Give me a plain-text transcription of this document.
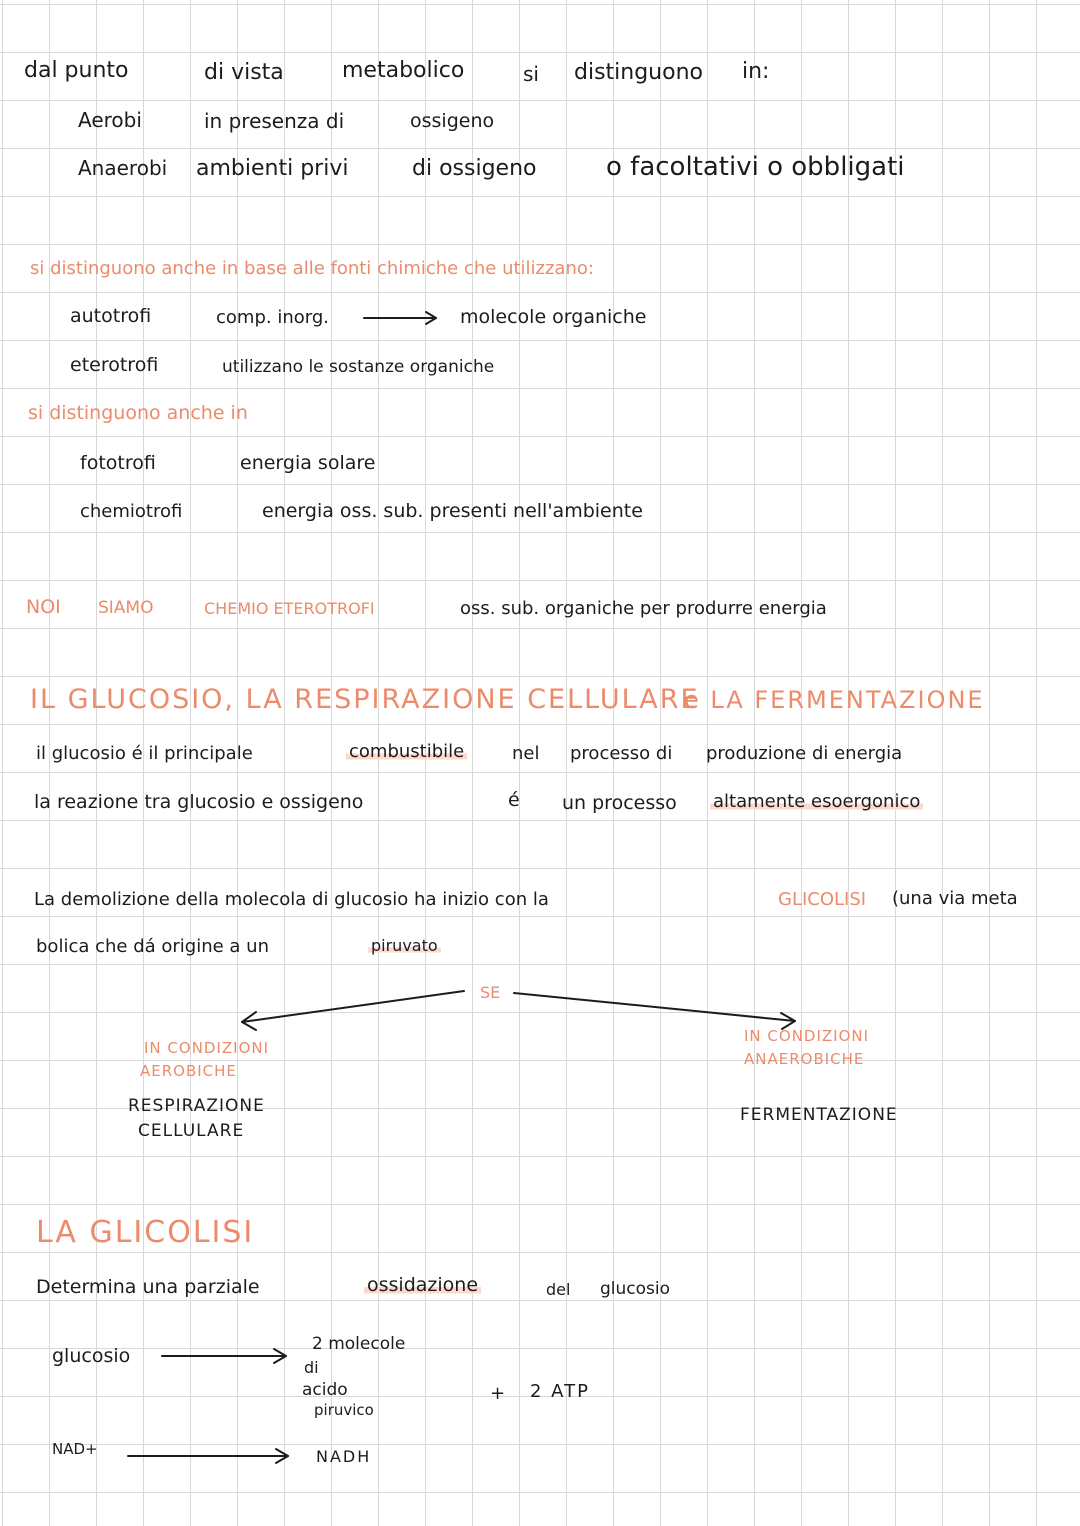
dal punto	di vista	metabolico	si distinguono in:
Aerobi	in presenza di	ossigeno
Anaerobi ambienti privi	di ossigeno	o facoltativi o obbligati
si distinguono anche in base alle fonti chimiche che utilizzano:
autotrofi	comp. inorg.	molecole organiche
eterotrofi	utilizzano le sostanze organiche
si distinguono anche in
fototrofi	energia solare
chemiotrofi	energia oss. sub. presenti nell'ambiente
NOI SIAMO	CHEMIO ETEROTROFI	oss. sub. organiche per produrre energia
IL GLUCOSIO, LA RESPIRAZIONE CELLULARE
e LA FERMENTAZIONE
il glucosio é il principale	combustibile	nel processo di produzione di energia
la reazione tra glucosio e ossigeno	é un processo altamente esoergonico
La demolizione della molecola di glucosio ha inizio con la	GLICOLISI (una via meta
bolica che dá origine a un	piruvato
SE
IN CONDIZIONI
AEROBICHE
RESPIRAZIONE
CELLULARE
IN CONDIZIONI
ANAEROBICHE
FERMENTAZIONE
LA GLICOLISI
Determina una parziale	ossidazione	del glucosio
glucosio
2 molecole
di
acido
piruvico
+ 2 ATP
NAD+	NADH
